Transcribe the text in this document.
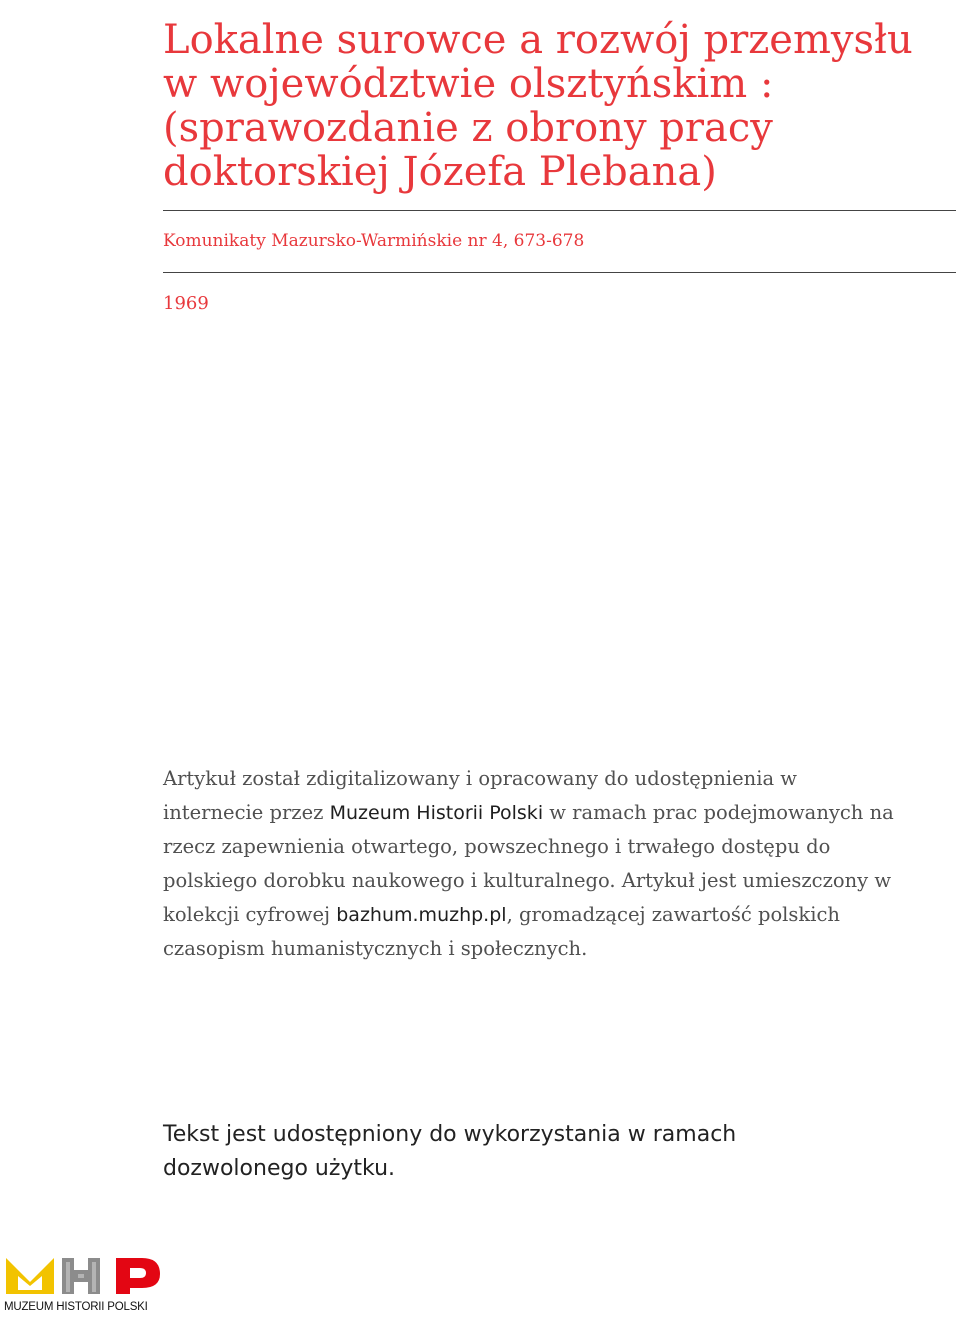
Lokalne surowce a rozwój przemysłu w województwie olsztyńskim : (sprawozdanie z obrony pracy doktorskiej Józefa Plebana)
Komunikaty Mazursko-Warmińskie nr 4, 673-678
1969

Artykuł został zdigitalizowany i opracowany do udostępnienia w internecie przez Muzeum Historii Polski w ramach prac podejmowanych na rzecz zapewnienia otwartego, powszechnego i trwałego dostępu do polskiego dorobku naukowego i kulturalnego. Artykuł jest umieszczony w kolekcji cyfrowej bazhum.muzhp.pl, gromadzącej zawartość polskich czasopism humanistycznych i społecznych.

Tekst jest udostępniony do wykorzystania w ramach dozwolonego użytku.

MUZEUM HISTORII POLSKI
